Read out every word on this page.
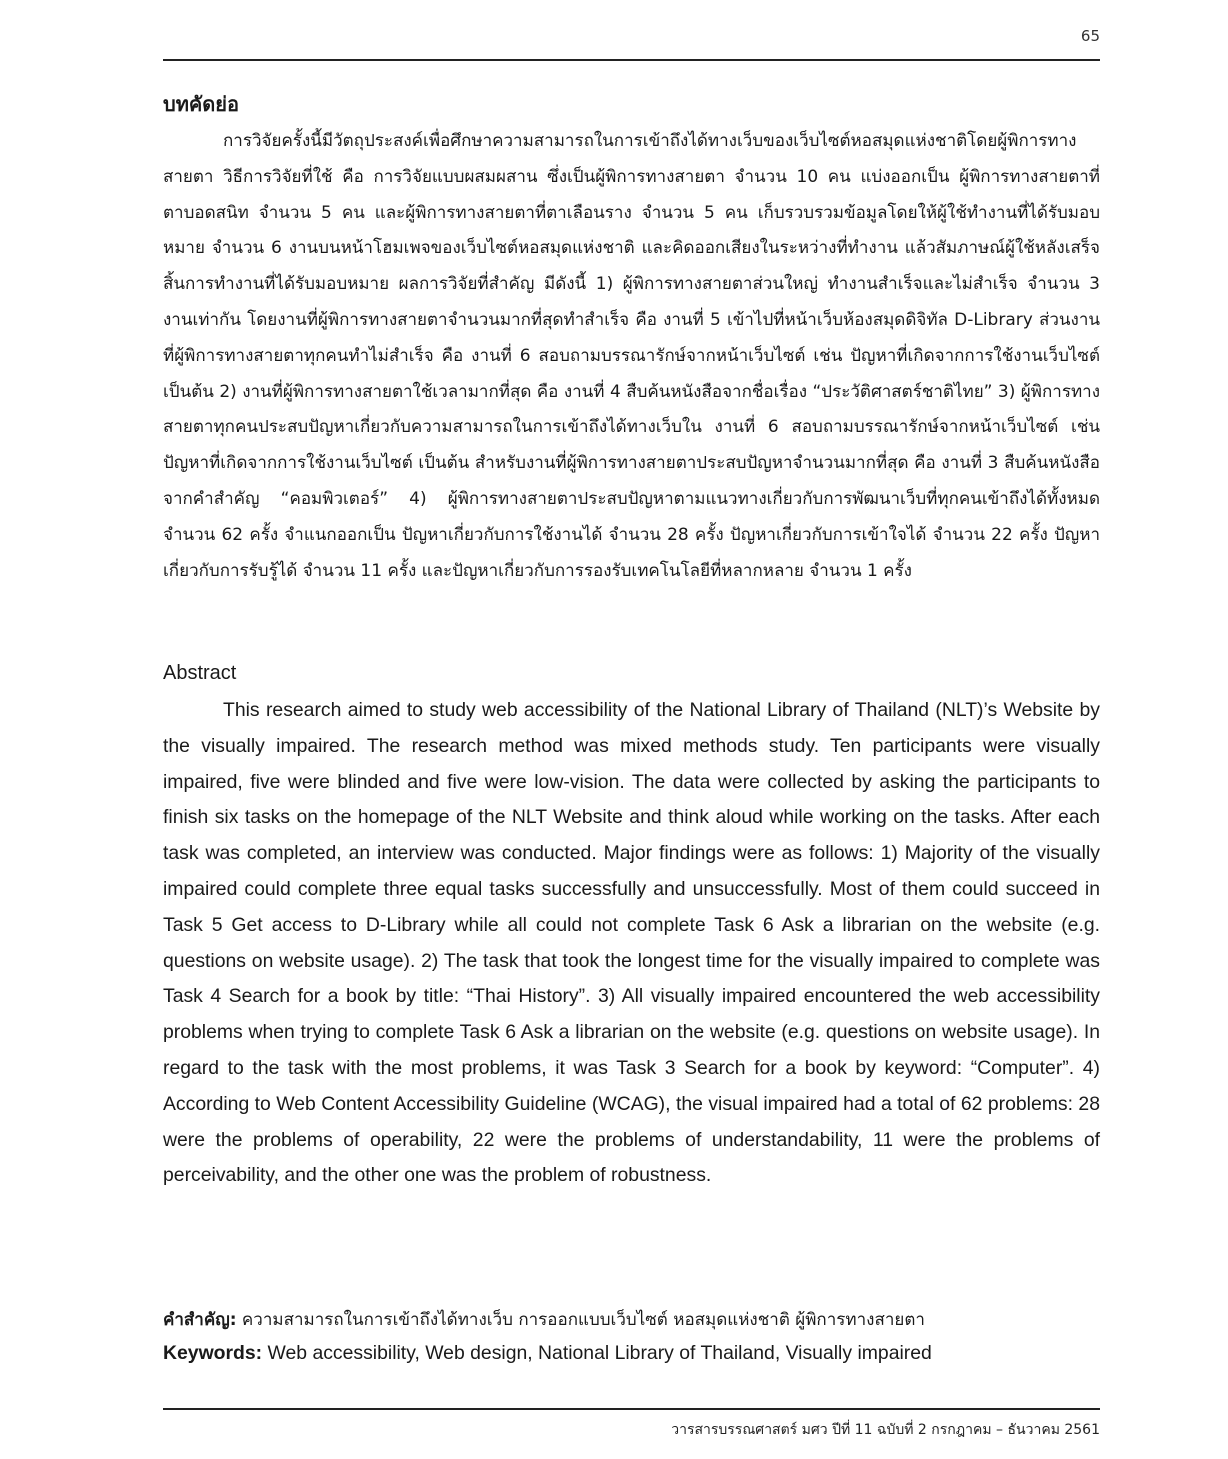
65
บทคัดย่อ

การวิจัยครั้งนี้มีวัตถุประสงค์เพื่อศึกษาความสามารถในการเข้าถึงได้ทางเว็บของเว็บไซต์หอสมุดแห่งชาติโดยผู้พิการทางสายตา วิธีการวิจัยที่ใช้ คือ การวิจัยแบบผสมผสาน ซึ่งเป็นผู้พิการทางสายตา จำนวน 10 คน แบ่งออกเป็น ผู้พิการทางสายตาที่ตาบอดสนิท จำนวน 5 คน และผู้พิการทางสายตาที่ตาเลือนราง จำนวน 5 คน เก็บรวบรวมข้อมูลโดยให้ผู้ใช้ทำงานที่ได้รับมอบหมาย จำนวน 6 งานบนหน้าโฮมเพจของเว็บไซต์หอสมุดแห่งชาติ และคิดออกเสียงในระหว่างที่ทำงาน แล้วสัมภาษณ์ผู้ใช้หลังเสร็จสิ้นการทำงานที่ได้รับมอบหมาย ผลการวิจัยที่สำคัญ มีดังนี้ 1) ผู้พิการทางสายตาส่วนใหญ่ ทำงานสำเร็จและไม่สำเร็จ จำนวน 3 งานเท่ากัน โดยงานที่ผู้พิการทางสายตาจำนวนมากที่สุดทำสำเร็จ คือ งานที่ 5 เข้าไปที่หน้าเว็บห้องสมุดดิจิทัล D-Library ส่วนงานที่ผู้พิการทางสายตาทุกคนทำไม่สำเร็จ คือ งานที่ 6 สอบถามบรรณารักษ์จากหน้าเว็บไซต์ เช่น ปัญหาที่เกิดจากการใช้งานเว็บไซต์ เป็นต้น 2) งานที่ผู้พิการทางสายตาใช้เวลามากที่สุด คือ งานที่ 4 สืบค้นหนังสือจากชื่อเรื่อง “ประวัติศาสตร์ชาติไทย” 3) ผู้พิการทางสายตาทุกคนประสบปัญหาเกี่ยวกับความสามารถในการเข้าถึงได้ทางเว็บใน งานที่ 6 สอบถามบรรณารักษ์จากหน้าเว็บไซต์ เช่น ปัญหาที่เกิดจากการใช้งานเว็บไซต์ เป็นต้น สำหรับงานที่ผู้พิการทางสายตาประสบปัญหาจำนวนมากที่สุด คือ งานที่ 3 สืบค้นหนังสือจากคำสำคัญ “คอมพิวเตอร์” 4) ผู้พิการทางสายตาประสบปัญหาตามแนวทางเกี่ยวกับการพัฒนาเว็บที่ทุกคนเข้าถึงได้ทั้งหมด จำนวน 62 ครั้ง จำแนกออกเป็น ปัญหาเกี่ยวกับการใช้งานได้ จำนวน 28 ครั้ง ปัญหาเกี่ยวกับการเข้าใจได้ จำนวน 22 ครั้ง ปัญหาเกี่ยวกับการรับรู้ได้ จำนวน 11 ครั้ง และปัญหาเกี่ยวกับการรองรับเทคโนโลยีที่หลากหลาย จำนวน 1 ครั้ง

Abstract

This research aimed to study web accessibility of the National Library of Thailand (NLT)’s Website by the visually impaired. The research method was mixed methods study. Ten participants were visually impaired, five were blinded and five were low-vision. The data were collected by asking the participants to finish six tasks on the homepage of the NLT Website and think aloud while working on the tasks. After each task was completed, an interview was conducted. Major findings were as follows: 1) Majority of the visually impaired could complete three equal tasks successfully and unsuccessfully. Most of them could succeed in Task 5 Get access to D-Library while all could not complete Task 6 Ask a librarian on the website (e.g. questions on website usage). 2) The task that took the longest time for the visually impaired to complete was Task 4 Search for a book by title: “Thai History”. 3) All visually impaired encountered the web accessibility problems when trying to complete Task 6 Ask a librarian on the website (e.g. questions on website usage). In regard to the task with the most problems, it was Task 3 Search for a book by keyword: “Computer”. 4) According to Web Content Accessibility Guideline (WCAG), the visual impaired had a total of 62 problems: 28 were the problems of operability, 22 were the problems of understandability, 11 were the problems of perceivability, and the other one was the problem of robustness.

คำสำคัญ: ความสามารถในการเข้าถึงได้ทางเว็บ การออกแบบเว็บไซต์ หอสมุดแห่งชาติ ผู้พิการทางสายตา

Keywords: Web accessibility, Web design, National Library of Thailand, Visually impaired

วารสารบรรณศาสตร์ มศว ปีที่ 11 ฉบับที่ 2 กรกฎาคม – ธันวาคม 2561
